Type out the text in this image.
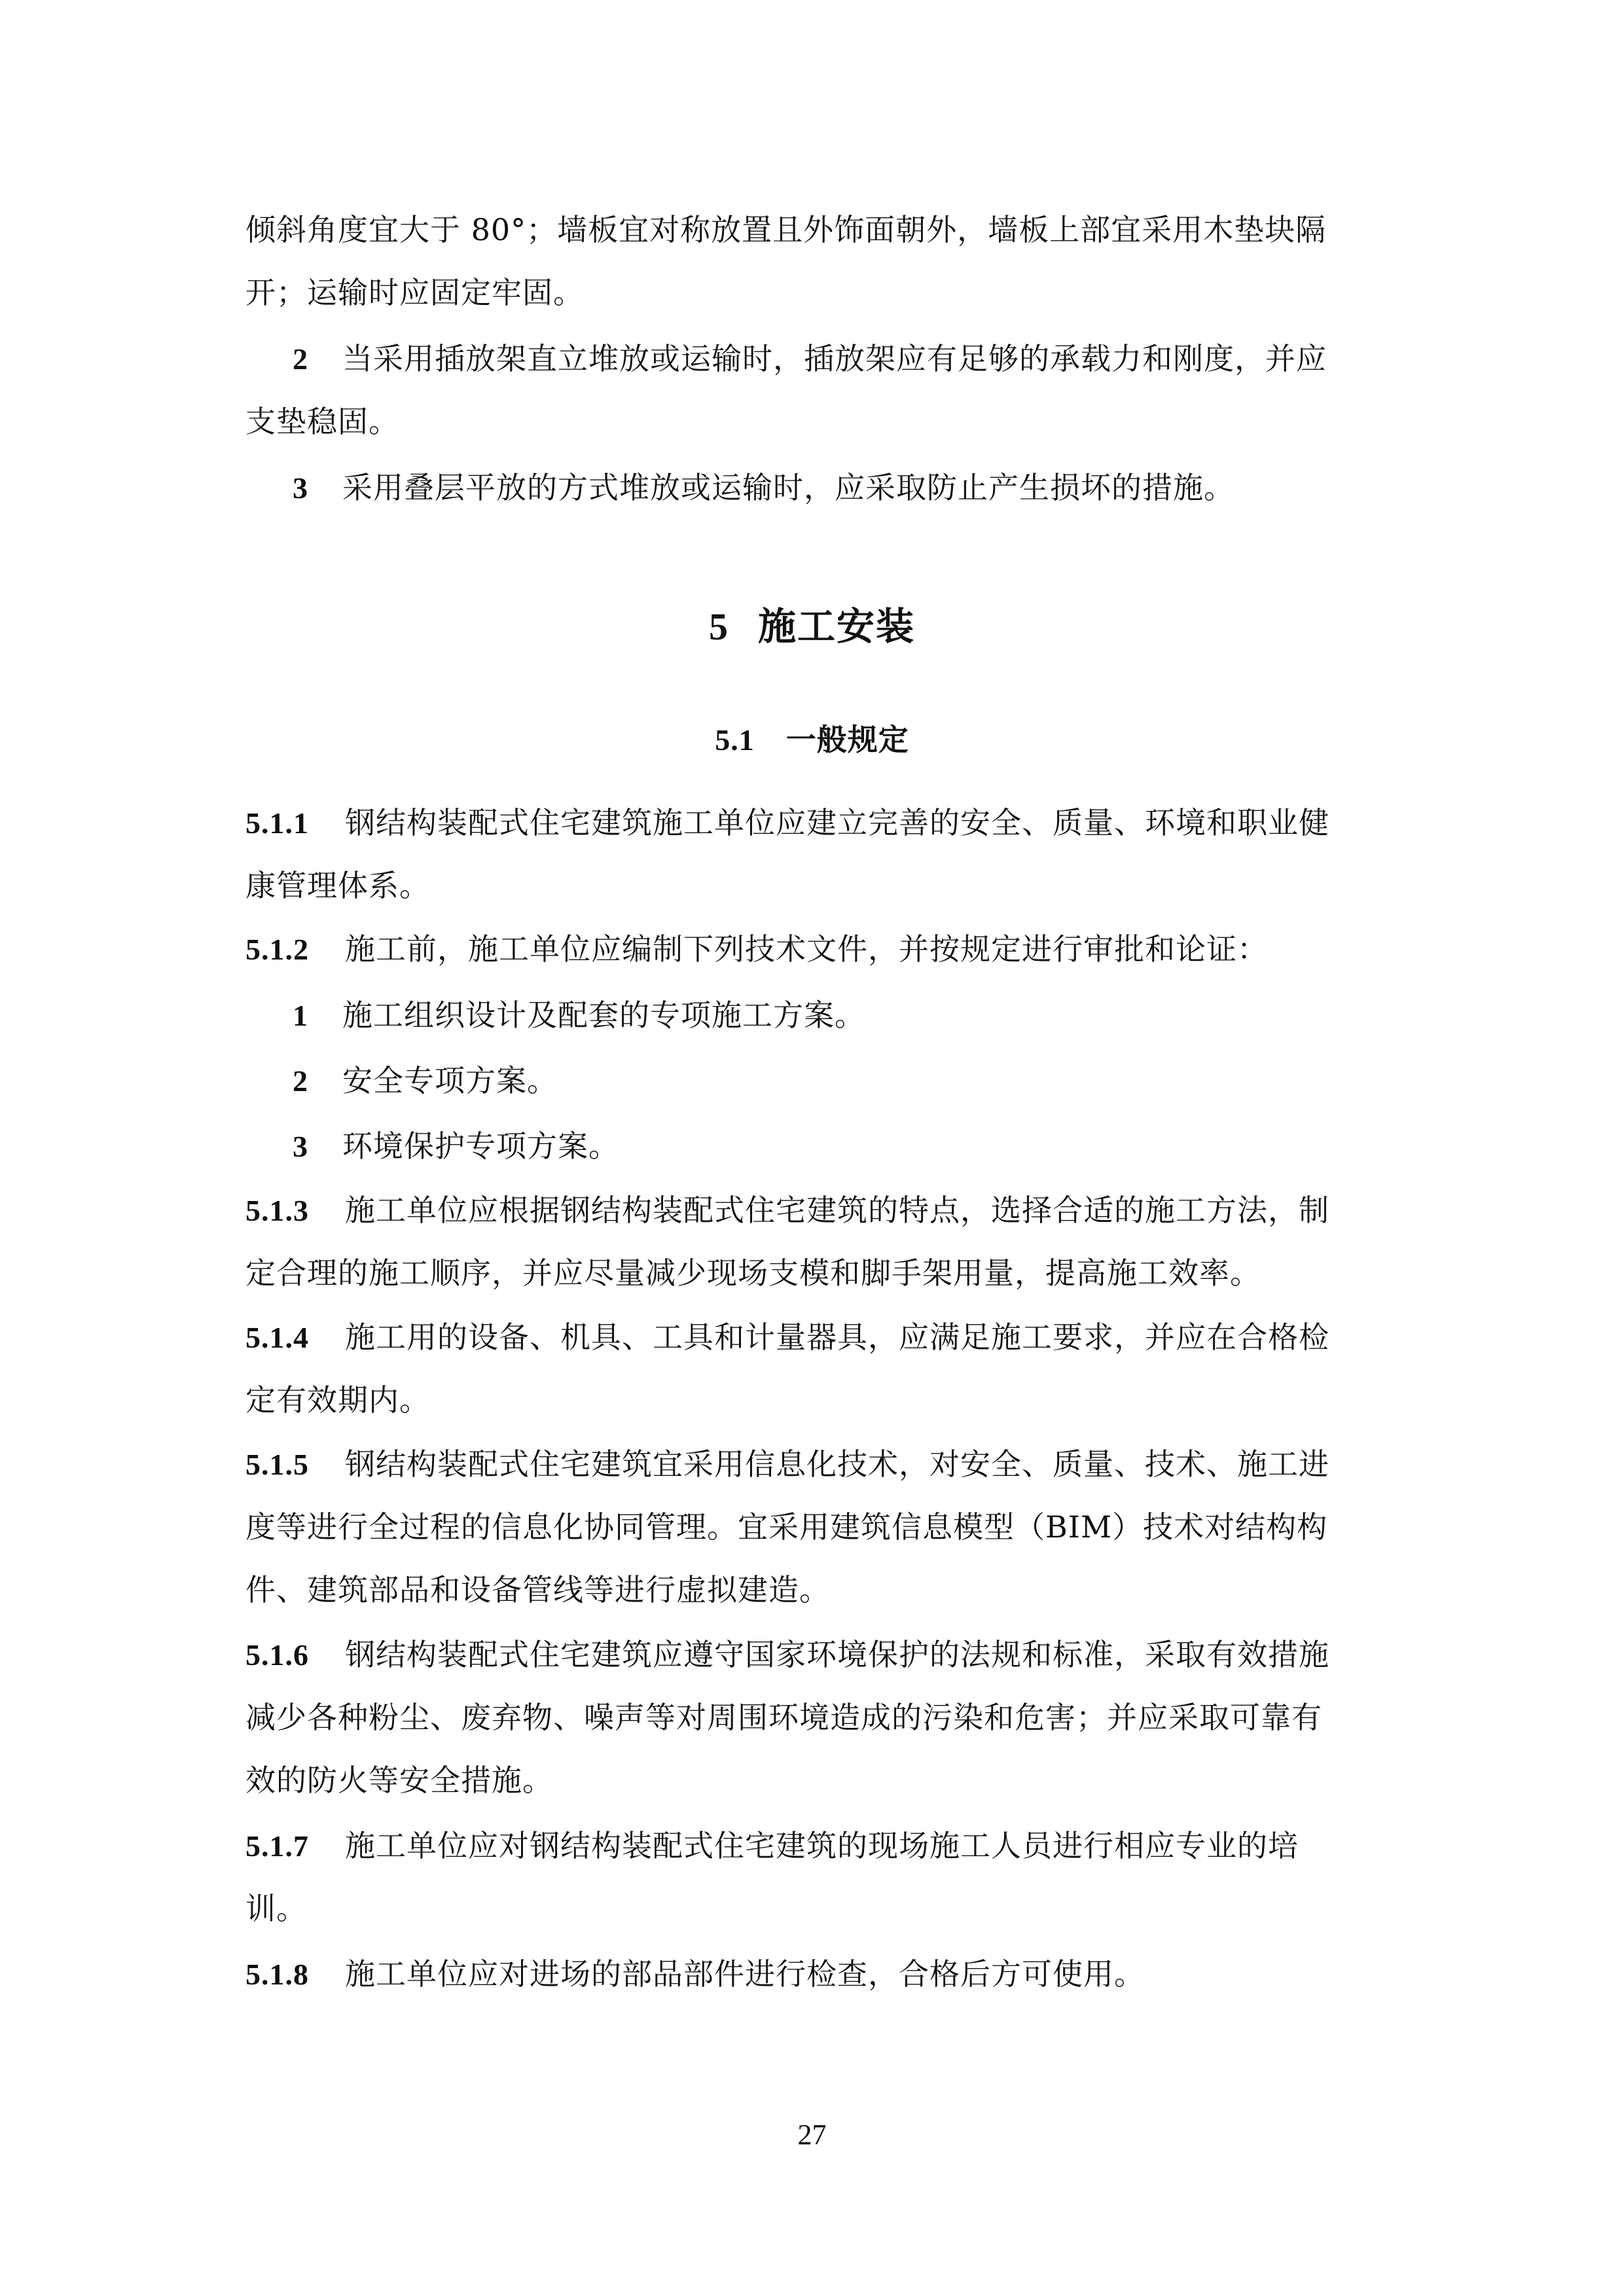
倾斜角度宜大于 80°；墙板宜对称放置且外饰面朝外，墙板上部宜采用木垫块隔
开；运输时应固定牢固。
2 当采用插放架直立堆放或运输时，插放架应有足够的承载力和刚度，并应
支垫稳固。
3 采用叠层平放的方式堆放或运输时，应采取防止产生损坏的措施。
5 施工安装
5.1 一般规定
5.1.1 钢结构装配式住宅建筑施工单位应建立完善的安全、质量、环境和职业健
康管理体系。
5.1.2 施工前，施工单位应编制下列技术文件，并按规定进行审批和论证：
1 施工组织设计及配套的专项施工方案。
2 安全专项方案。
3 环境保护专项方案。
5.1.3 施工单位应根据钢结构装配式住宅建筑的特点，选择合适的施工方法，制
定合理的施工顺序，并应尽量减少现场支模和脚手架用量，提高施工效率。
5.1.4 施工用的设备、机具、工具和计量器具，应满足施工要求，并应在合格检
定有效期内。
5.1.5 钢结构装配式住宅建筑宜采用信息化技术，对安全、质量、技术、施工进
度等进行全过程的信息化协同管理。宜采用建筑信息模型（BIM）技术对结构构
件、建筑部品和设备管线等进行虚拟建造。
5.1.6 钢结构装配式住宅建筑应遵守国家环境保护的法规和标准，采取有效措施
减少各种粉尘、废弃物、噪声等对周围环境造成的污染和危害；并应采取可靠有
效的防火等安全措施。
5.1.7 施工单位应对钢结构装配式住宅建筑的现场施工人员进行相应专业的培
训。
5.1.8 施工单位应对进场的部品部件进行检查，合格后方可使用。
27
